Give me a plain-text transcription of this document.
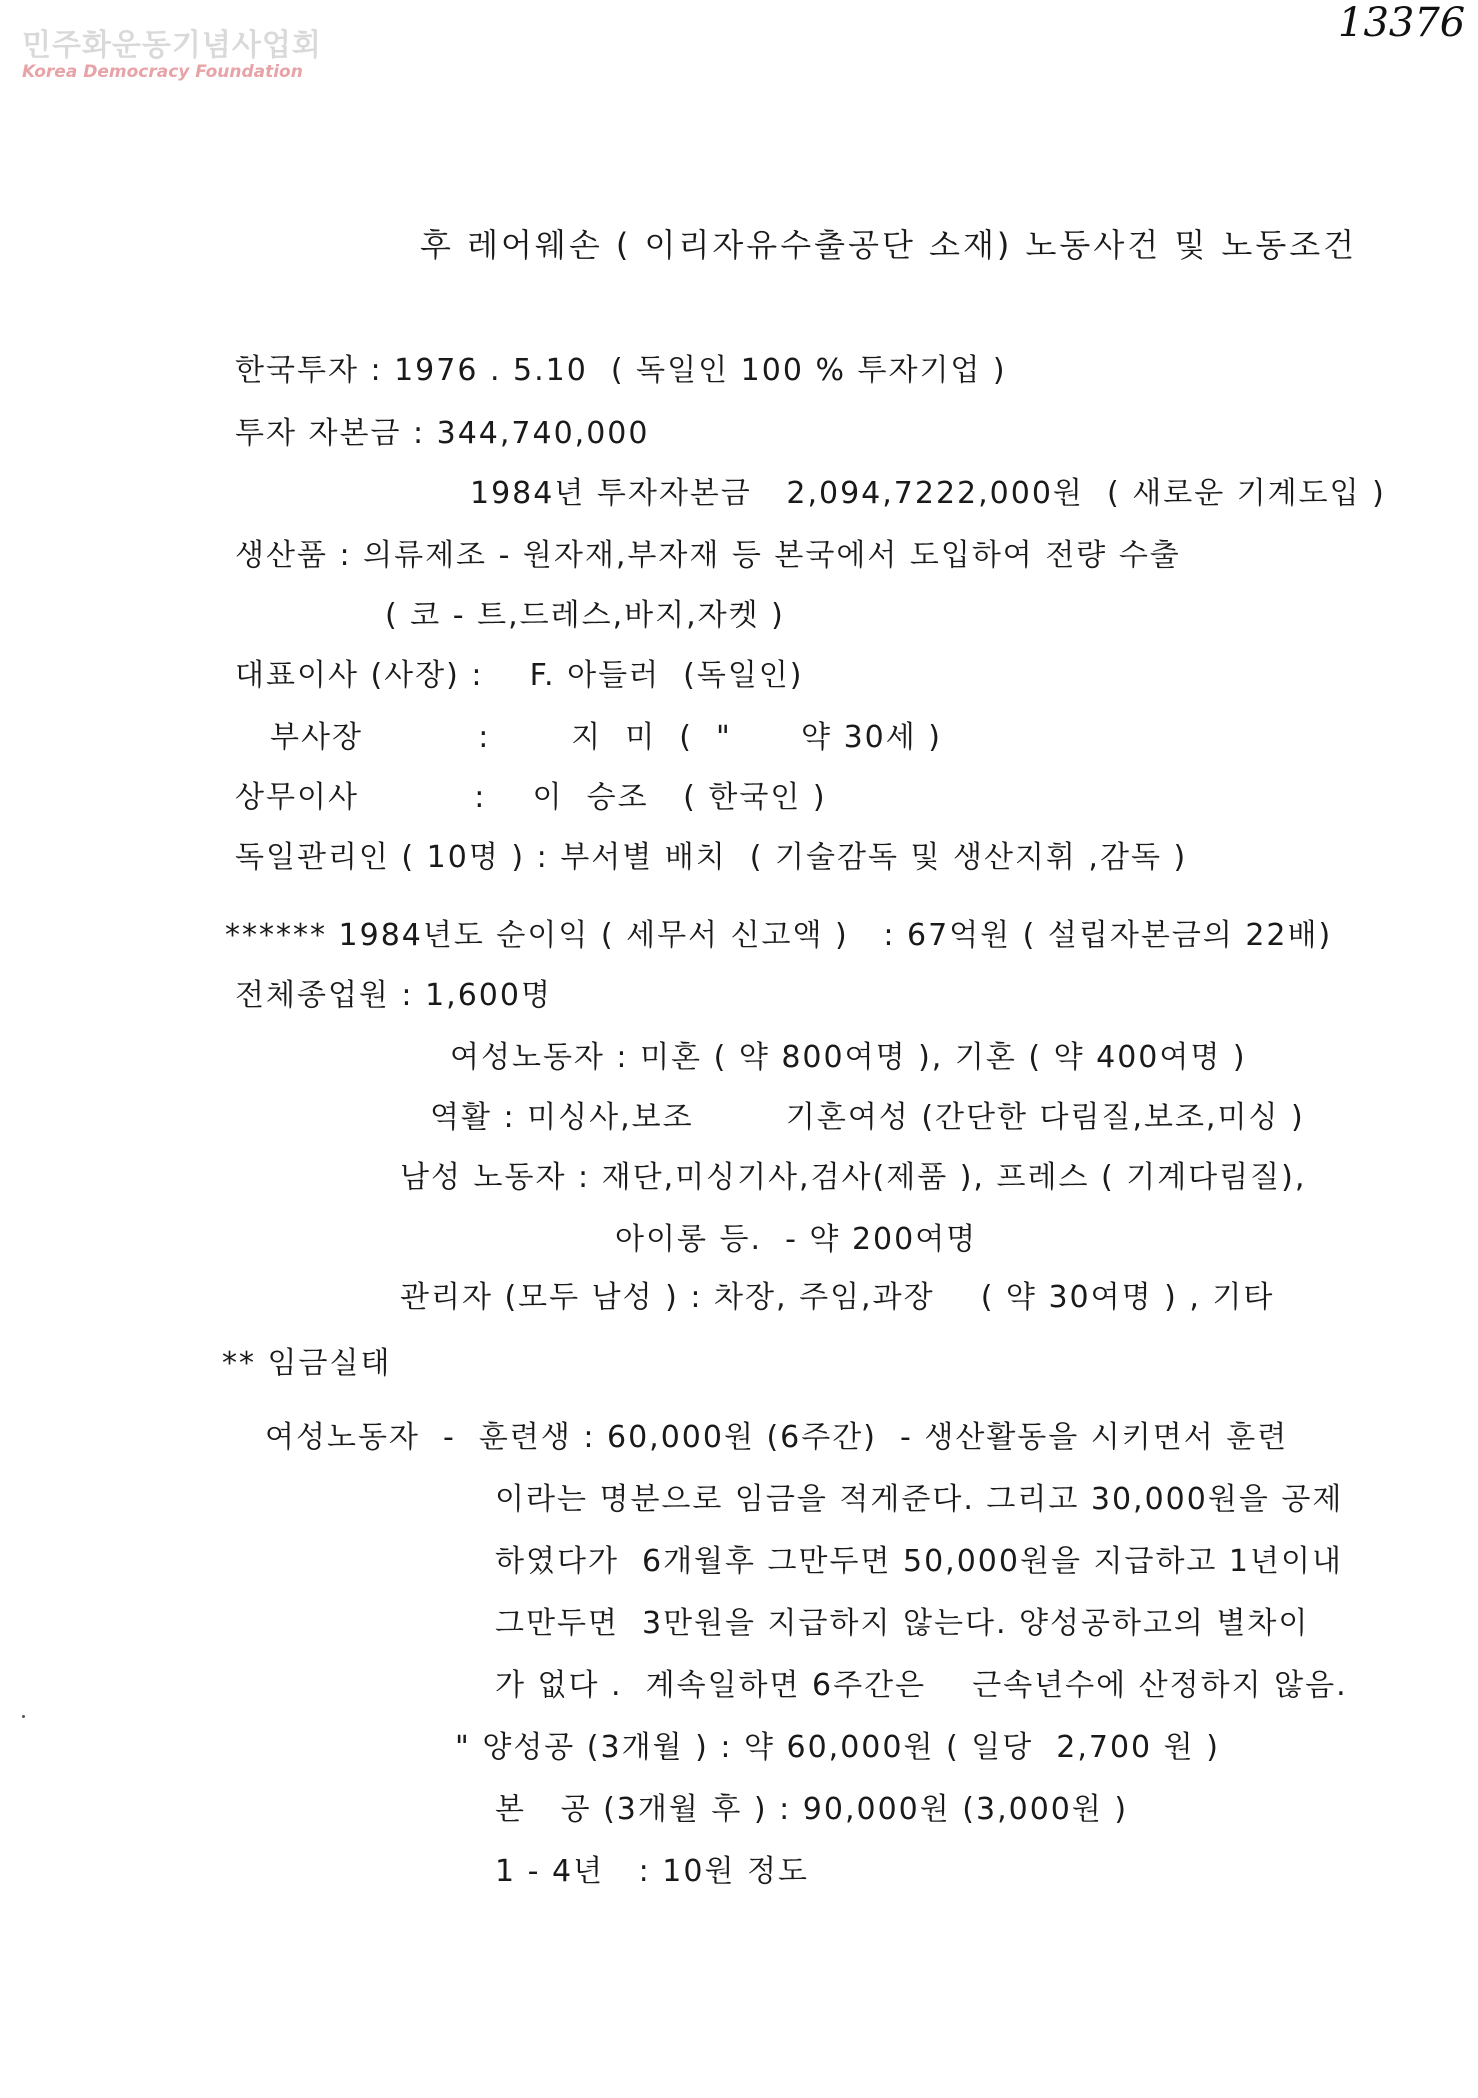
민주화운동기념사업회
Korea Democracy Foundation
13376
후 레어웨손 ( 이리자유수출공단 소재) 노동사건 및 노동조건
한국투자 : 1976 . 5.10  ( 독일인 100 % 투자기업 )
투자 자본금 : 344,740,000
1984년 투자자본금   2,094,7222,000원  ( 새로운 기계도입 )
생산품 : 의류제조 - 원자재,부자재 등 본국에서 도입하여 전량 수출
( 코 - 트,드레스,바지,자켓 )
대표이사 (사장) :    F. 아들러  (독일인)
부사장          :       지  미  (  "      약 30세 )
상무이사          :    이  승조   ( 한국인 )
독일관리인 ( 10명 ) : 부서별 배치  ( 기술감독 및 생산지휘 ,감독 )
****** 1984년도 순이익 ( 세무서 신고액 )   : 67억원 ( 설립자본금의 22배)
전체종업원 : 1,600명
여성노동자 : 미혼 ( 약 800여명 ), 기혼 ( 약 400여명 )
역활 : 미싱사,보조        기혼여성 (간단한 다림질,보조,미싱 )
남성 노동자 : 재단,미싱기사,검사(제품 ), 프레스 ( 기계다림질),
아이롱 등.  - 약 200여명
관리자 (모두 남성 ) : 차장, 주임,과장    ( 약 30여명 ) , 기타
** 임금실태
여성노동자  -  훈련생 : 60,000원 (6주간)  - 생산활동을 시키면서 훈련
이라는 명분으로 임금을 적게준다. 그리고 30,000원을 공제
하였다가  6개월후 그만두면 50,000원을 지급하고 1년이내
그만두면  3만원을 지급하지 않는다. 양성공하고의 별차이
가 없다 .  계속일하면 6주간은    근속년수에 산정하지 않음.
" 양성공 (3개월 ) : 약 60,000원 ( 일당  2,700 원 )
본   공 (3개월 후 ) : 90,000원 (3,000원 )
1 - 4년   : 10원 정도
